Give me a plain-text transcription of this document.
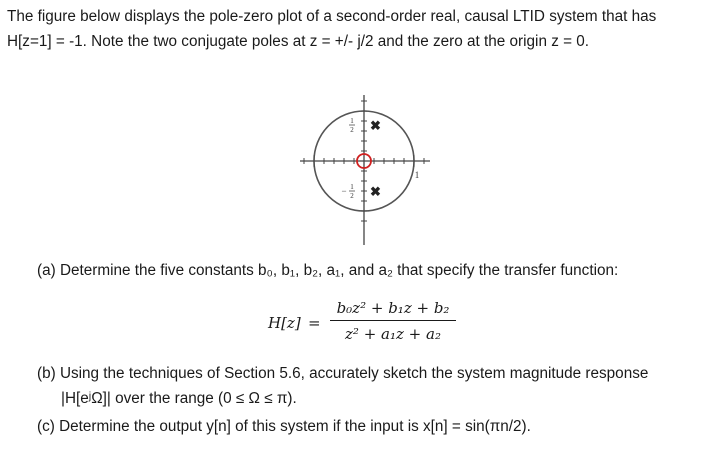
The figure below displays the pole-zero plot of a second-order real, causal LTID system that has

H[z=1] = -1. Note the two conjugate poles at z = +/- j/2 and the zero at the origin z = 0.

✖
✖
1
2
− 1
2
1

(a) Determine the five constants b₀, b₁, b₂, a₁, and a₂ that specify the transfer function:

H[z] =
b₀z² + b₁z + b₂
z² + a₁z + a₂

(b) Using the techniques of Section 5.6, accurately sketch the system magnitude response

|H[eʲΩ]| over the range (0 ≤ Ω ≤ π).

(c) Determine the output y[n] of this system if the input is x[n] = sin(πn/2).
